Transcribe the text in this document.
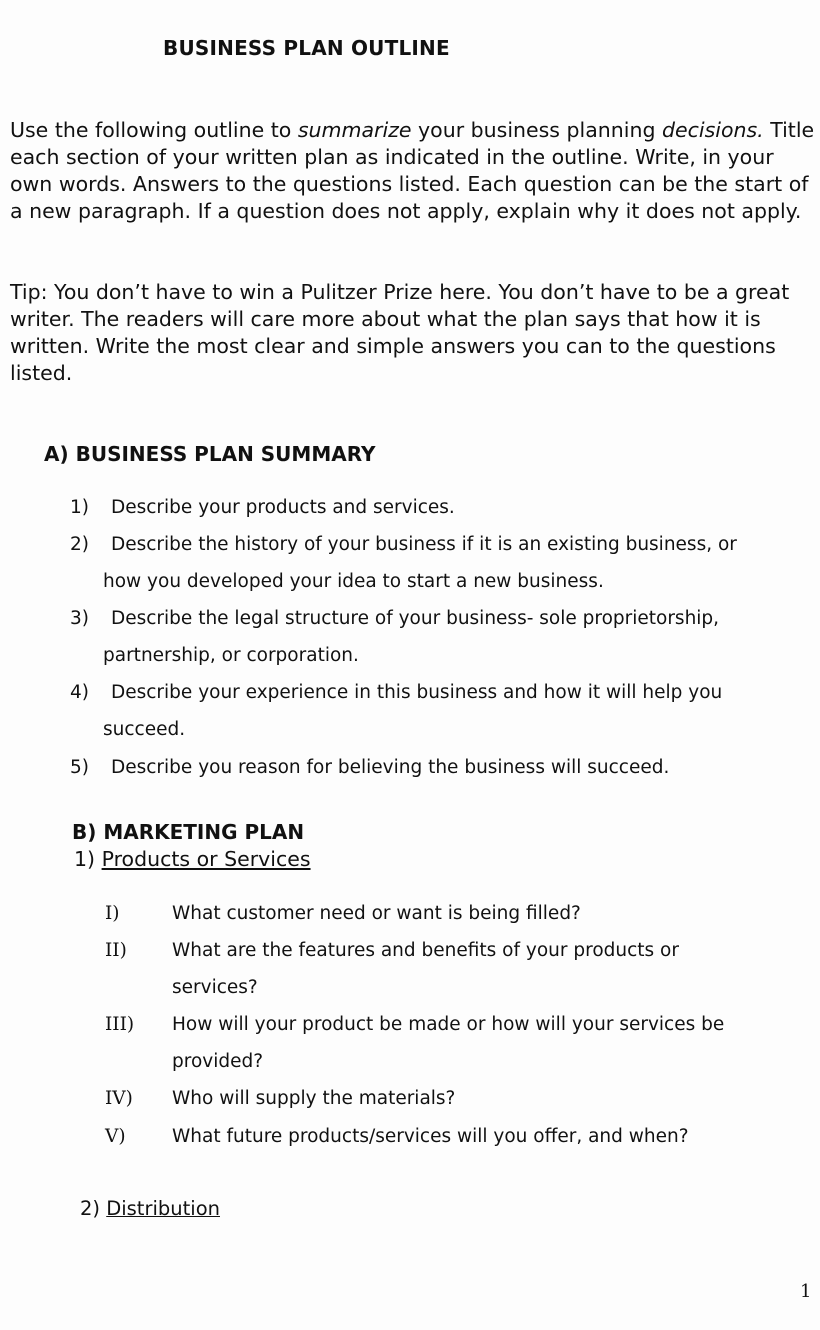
BUSINESS PLAN OUTLINE

Use the following outline to summarize your business planning decisions. Title each section of your written plan as indicated in the outline. Write, in your own words. Answers to the questions listed. Each question can be the start of a new paragraph. If a question does not apply, explain why it does not apply.

Tip: You don’t have to win a Pulitzer Prize here. You don’t have to be a great writer. The readers will care more about what the plan says that how it is written. Write the most clear and simple answers you can to the questions listed.

A) BUSINESS PLAN SUMMARY
1) Describe your products and services.
2) Describe the history of your business if it is an existing business, or
how you developed your idea to start a new business.
3) Describe the legal structure of your business- sole proprietorship,
partnership, or corporation.
4) Describe your experience in this business and how it will help you
succeed.
5) Describe you reason for believing the business will succeed.
B) MARKETING PLAN
1) Products or Services
I)	What customer need or want is being filled?
II) What are the features and benefits of your products or
services?
III) How will your product be made or how will your services be
provided?
IV) Who will supply the materials?
V)	What future products/services will you offer, and when?
2) Distribution
1
